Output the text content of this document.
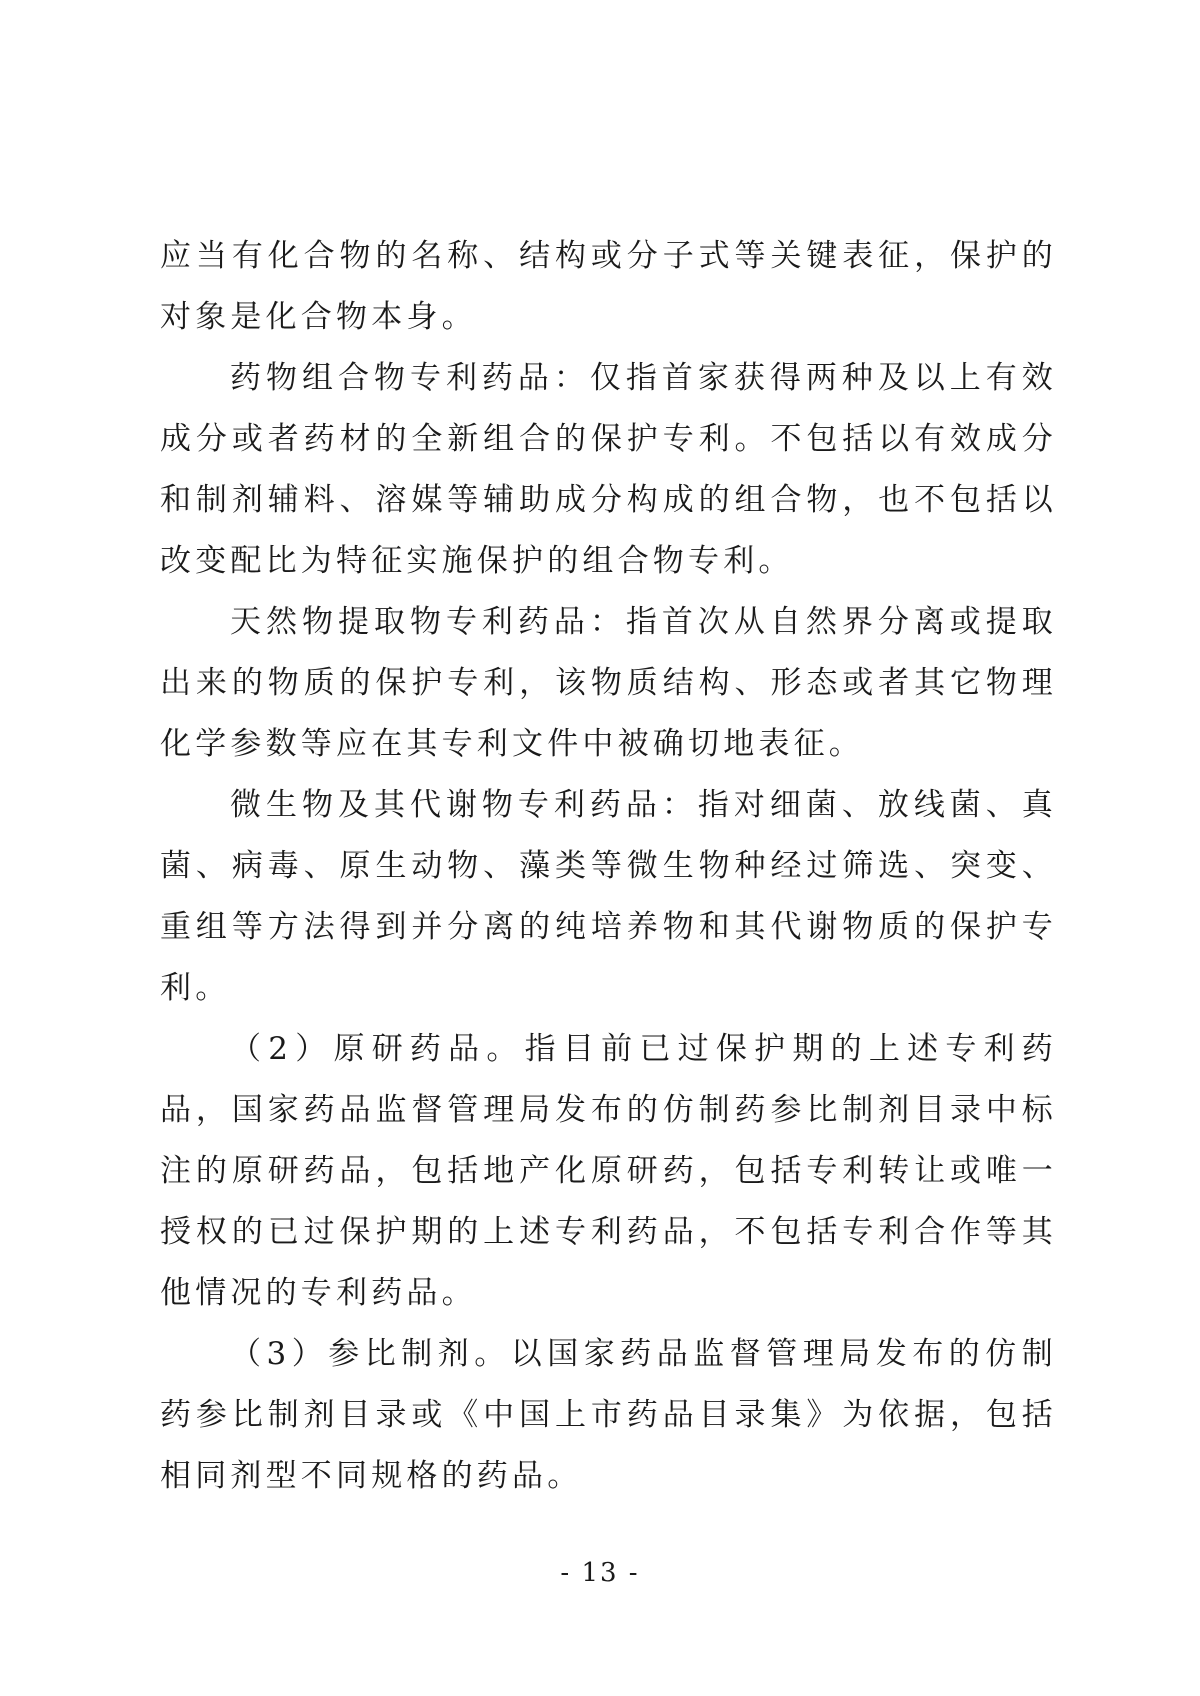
应当有化合物的名称、结构或分子式等关键表征，保护的对象是化合物本身。

药物组合物专利药品：仅指首家获得两种及以上有效成分或者药材的全新组合的保护专利。不包括以有效成分和制剂辅料、溶媒等辅助成分构成的组合物，也不包括以改变配比为特征实施保护的组合物专利。

天然物提取物专利药品：指首次从自然界分离或提取出来的物质的保护专利，该物质结构、形态或者其它物理化学参数等应在其专利文件中被确切地表征。

微生物及其代谢物专利药品：指对细菌、放线菌、真菌、病毒、原生动物、藻类等微生物种经过筛选、突变、重组等方法得到并分离的纯培养物和其代谢物质的保护专利。

（2）原研药品。指目前已过保护期的上述专利药品，国家药品监督管理局发布的仿制药参比制剂目录中标注的原研药品，包括地产化原研药，包括专利转让或唯一授权的已过保护期的上述专利药品，不包括专利合作等其他情况的专利药品。

（3）参比制剂。以国家药品监督管理局发布的仿制药参比制剂目录或《中国上市药品目录集》为依据，包括相同剂型不同规格的药品。

- 13 -
